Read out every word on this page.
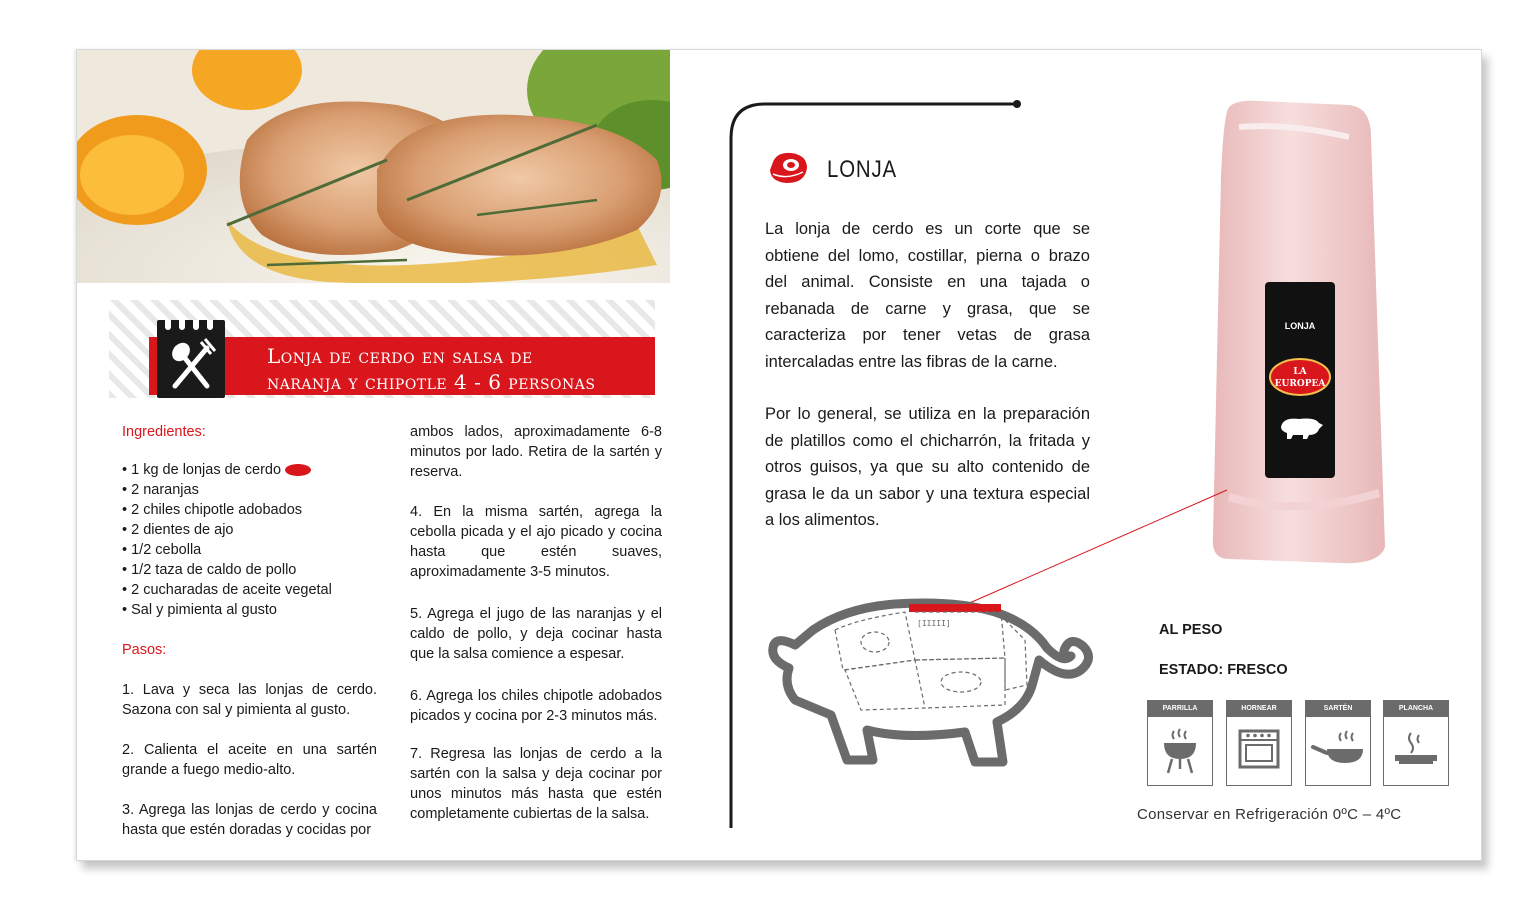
Lonja de cerdo en salsa de
naranja y chipotle 4 - 6 personas

Ingredientes:

• 1 kg de lonjas de cerdo
• 2 naranjas
• 2 chiles chipotle adobados
• 2 dientes de ajo
• 1/2 cebolla
• 1/2 taza de caldo de pollo
• 2 cucharadas de aceite vegetal
• Sal y pimienta al gusto

Pasos:

1. Lava y seca las lonjas de cerdo. Sazona con sal y pimienta al gusto.

2. Calienta el aceite en una sartén grande a fuego medio-alto.

3. Agrega las lonjas de cerdo y cocina hasta que estén doradas y cocidas por

ambos lados, aproximadamente 6-8 minutos por lado. Retira de la sartén y reserva.

4. En la misma sartén, agrega la cebolla picada y el ajo picado y cocina hasta que estén suaves, aproximadamente 3-5 minutos.

5. Agrega el jugo de las naranjas y el caldo de pollo, y deja cocinar hasta que la salsa comience a espesar.

6. Agrega los chiles chipotle adobados picados y cocina por 2-3 minutos más.

7. Regresa las lonjas de cerdo a la sartén con la salsa y deja cocinar por unos minutos más hasta que estén completamente cubiertas de la salsa.

LONJA

La lonja de cerdo es un corte que se obtiene del lomo, costillar, pierna o brazo del animal. Consiste en una tajada o rebanada de carne y grasa, que se caracteriza por tener vetas de grasa intercaladas entre las fibras de la carne.

Por lo general, se utiliza en la preparación de platillos como el chicharrón, la fritada y otros guisos, ya que su alto contenido de grasa le da un sabor y una textura especial a los alimentos.

LONJA
LA
EUROPEA
[IIIII]	AL PESO
ESTADO: FRESCO
PARRILLA	HORNEAR	SARTÉN	PLANCHA
Conservar en Refrigeración 0ºC – 4ºC
